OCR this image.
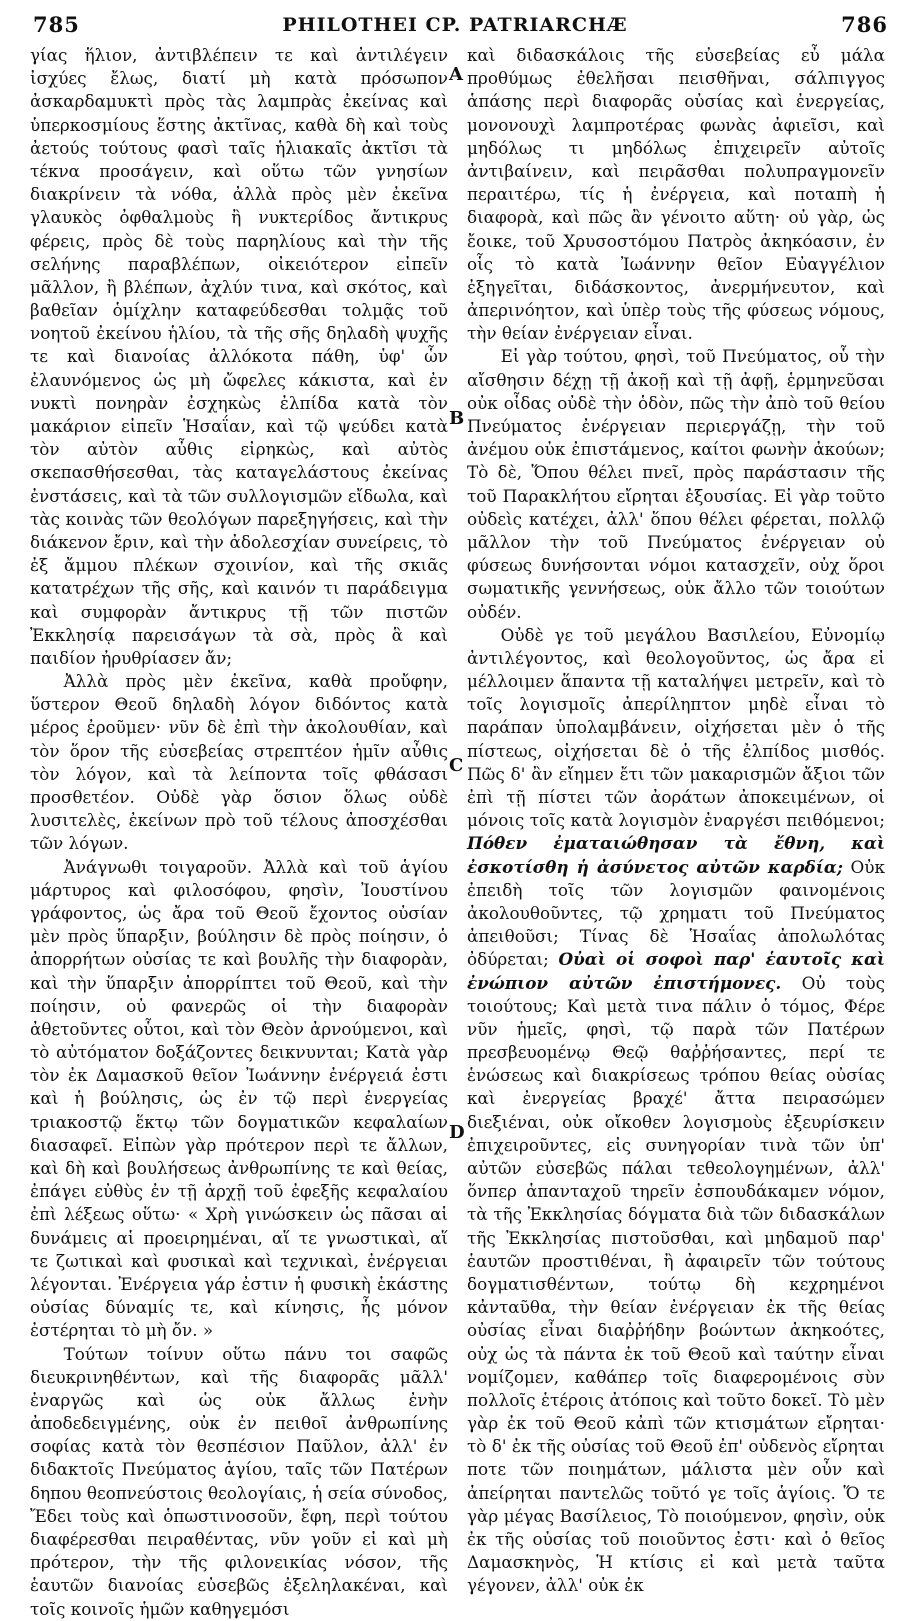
785	PHILOTHEI CP. PATRIARCHÆ	786
A
B
C
D

γίας ἥλιον, ἀντιβλέπειν τε καὶ ἀντιλέγειν ἰσχύες ἔλως, διατί μὴ κατὰ πρόσωπον ἀσκαρδαμυκτὶ πρὸς τὰς λαμπρὰς ἐκείνας καὶ ὑπερκοσμίους ἕστης ἀκτῖνας, καθὰ δὴ καὶ τοὺς ἀετούς τούτους φασὶ ταῖς ἡλιακαῖς ἀκτῖσι τὰ τέκνα προσάγειν, καὶ οὕτω τῶν γνησίων διακρίνειν τὰ νόθα, ἀλλὰ πρὸς μὲν ἐκεῖνα γλαυκὸς ὀφθαλμοὺς ἢ νυκτερίδος ἄντικρυς φέρεις, πρὸς δὲ τοὺς παρηλίους καὶ τὴν τῆς σελήνης παραβλέπων, οἰκειότερον εἰπεῖν μᾶλλον, ἢ βλέπων, ἀχλύν τινα, καὶ σκότος, καὶ βαθεῖαν ὁμίχλην καταφεύδεσθαι τολμᾷς τοῦ νοητοῦ ἐκείνου ἡλίου, τὰ τῆς σῆς δηλαδὴ ψυχῆς τε καὶ διανοίας ἀλλόκοτα πάθη, ὑφ' ὧν ἐλαυνόμενος ὡς μὴ ὤφελες κάκιστα, καὶ ἐν νυκτὶ πονηρὰν ἐσχηκὼς ἐλπίδα κατὰ τὸν μακάριον εἰπεῖν Ἡσαΐαν, καὶ τῷ ψεύδει κατὰ τὸν αὐτὸν αὖθις εἰρηκὼς, καὶ αὐτὸς σκεπασθήσεσθαι, τὰς καταγελάστους ἐκείνας ἐνστάσεις, καὶ τὰ τῶν συλλογισμῶν εἴδωλα, καὶ τὰς κοινὰς τῶν θεολόγων παρεξηγήσεις, καὶ τὴν διάκενον ἔριν, καὶ τὴν ἀδολεσχίαν συνείρεις, τὸ ἐξ ἄμμου πλέκων σχοινίον, καὶ τῆς σκιᾶς κατατρέχων τῆς σῆς, καὶ καινόν τι παράδειγμα καὶ συμφορὰν ἄντικρυς τῇ τῶν πιστῶν Ἐκκλησίᾳ παρεισάγων τὰ σὰ, πρὸς ἃ καὶ παιδίον ἠρυθρίασεν ἄν;

Ἀλλὰ πρὸς μὲν ἐκεῖνα, καθὰ προὔφην, ὕστερον Θεοῦ δηλαδὴ λόγον διδόντος κατὰ μέρος ἐροῦμεν· νῦν δὲ ἐπὶ τὴν ἀκολουθίαν, καὶ τὸν ὅρον τῆς εὐσεβείας στρεπτέον ἡμῖν αὖθις τὸν λόγον, καὶ τὰ λείποντα τοῖς φθάσασι προσθετέον. Οὐδὲ γὰρ ὅσιον ὅλως οὐδὲ λυσιτελὲς, ἐκείνων πρὸ τοῦ τέλους ἀποσχέσθαι τῶν λόγων.

Ἀνάγνωθι τοιγαροῦν. Ἀλλὰ καὶ τοῦ ἁγίου μάρτυρος καὶ φιλοσόφου, φησὶν, Ἰουστίνου γράφοντος, ὡς ἄρα τοῦ Θεοῦ ἔχοντος οὐσίαν μὲν πρὸς ὕπαρξιν, βούλησιν δὲ πρὸς ποίησιν, ὁ ἀπορρήτων οὐσίας τε καὶ βουλῆς τὴν διαφορὰν, καὶ τὴν ὕπαρξιν ἀπορρίπτει τοῦ Θεοῦ, καὶ τὴν ποίησιν, οὐ φανερῶς οἱ τὴν διαφορὰν ἀθετοῦντες οὗτοι, καὶ τὸν Θεὸν ἀρνούμενοι, καὶ τὸ αὐτόματον δοξάζοντες δεικνυνται; Κατὰ γὰρ τὸν ἐκ Δαμασκοῦ θεῖον Ἰωάννην ἐνέργειά ἐστι καὶ ἡ βούλησις, ὡς ἐν τῷ περὶ ἐνεργείας τριακοστῷ ἕκτῳ τῶν δογματικῶν κεφαλαίων διασαφεῖ. Εἰπὼν γὰρ πρότερον περὶ τε ἄλλων, καὶ δὴ καὶ βουλήσεως ἀνθρωπίνης τε καὶ θείας, ἐπάγει εὐθὺς ἐν τῇ ἀρχῇ τοῦ ἐφεξῆς κεφαλαίου ἐπὶ λέξεως οὕτω· « Χρὴ γινώσκειν ὡς πᾶσαι αἱ δυνάμεις αἱ προειρημέναι, αἵ τε γνωστικαὶ, αἵ τε ζωτικαὶ καὶ φυσικαὶ καὶ τεχνικαὶ, ἐνέργειαι λέγονται. Ἐνέργεια γάρ ἐστιν ἡ φυσικὴ ἑκάστης οὐσίας δύναμίς τε, καὶ κίνησις, ἧς μόνον ἐστέρηται τὸ μὴ ὄν. »

Τούτων τοίνυν οὕτω πάνυ τοι σαφῶς διευκρινηθέντων, καὶ τῆς διαφορᾶς μᾶλλ' ἐναργῶς καὶ ὡς οὐκ ἄλλως ἐνὴν ἀποδεδειγμένης, οὐκ ἐν πειθοῖ ἀνθρωπίνης σοφίας κατὰ τὸν θεσπέσιον Παῦλον, ἀλλ' ἐν διδακτοῖς Πνεύματος ἁγίου, ταῖς τῶν Πατέρων δηπου θεοπνεύστοις θεολογίαις, ἡ σεία σύνοδος, Ἔδει τοὺς καὶ ὁπωστινοσοῦν, ἔφη, περὶ τούτου διαφέρεσθαι πειραθέντας, νῦν γοῦν εἰ καὶ μὴ πρότερον, τὴν τῆς φιλονεικίας νόσον, τῆς ἑαυτῶν διανοίας εὐσεβῶς ἐξεληλακέναι, καὶ τοῖς κοινοῖς ἡμῶν καθηγεμόσι

καὶ διδασκάλοις τῆς εὐσεβείας εὖ μάλα προθύμως ἐθελῆσαι πεισθῆναι, σάλπιγγος ἁπάσης περὶ διαφορᾶς οὐσίας καὶ ἐνεργείας, μονονουχὶ λαμπροτέρας φωνὰς ἀφιεῖσι, καὶ μηδόλως τι μηδόλως ἐπιχειρεῖν αὐτοῖς ἀντιβαίνειν, καὶ πειρᾶσθαι πολυπραγμονεῖν περαιτέρω, τίς ἡ ἐνέργεια, καὶ ποταπὴ ἡ διαφορὰ, καὶ πῶς ἂν γένοιτο αὕτη· οὐ γὰρ, ὡς ἔοικε, τοῦ Χρυσοστόμου Πατρὸς ἀκηκόασιν, ἐν οἷς τὸ κατὰ Ἰωάννην θεῖον Εὐαγγέλιον ἐξηγεῖται, διδάσκοντος, ἀνερμήνευτον, καὶ ἀπερινόητον, καὶ ὑπὲρ τοὺς τῆς φύσεως νόμους, τὴν θείαν ἐνέργειαν εἶναι.

Εἰ γὰρ τούτου, φησὶ, τοῦ Πνεύματος, οὗ τὴν αἴσθησιν δέχῃ τῇ ἀκοῇ καὶ τῇ ἀφῇ, ἑρμηνεῦσαι οὐκ οἶδας οὐδὲ τὴν ὁδὸν, πῶς τὴν ἀπὸ τοῦ θείου Πνεύματος ἐνέργειαν περιεργάζῃ, τὴν τοῦ ἀνέμου οὐκ ἐπιστάμενος, καίτοι φωνὴν ἀκούων; Τὸ δὲ, Ὅπου θέλει πνεῖ, πρὸς παράστασιν τῆς τοῦ Παρακλήτου εἴρηται ἐξουσίας. Εἰ γὰρ τοῦτο οὐδεὶς κατέχει, ἀλλ' ὅπου θέλει φέρεται, πολλῷ μᾶλλον τὴν τοῦ Πνεύματος ἐνέργειαν οὐ φύσεως δυνήσονται νόμοι κατασχεῖν, οὐχ ὅροι σωματικῆς γεννήσεως, οὐκ ἄλλο τῶν τοιούτων οὐδέν.

Οὐδὲ γε τοῦ μεγάλου Βασιλείου, Εὐνομίῳ ἀντιλέγοντος, καὶ θεολογοῦντος, ὡς ἄρα εἰ μέλλοιμεν ἅπαντα τῇ καταλήψει μετρεῖν, καὶ τὸ τοῖς λογισμοῖς ἀπερίληπτον μηδὲ εἶναι τὸ παράπαν ὑπολαμβάνειν, οἰχήσεται μὲν ὁ τῆς πίστεως, οἰχήσεται δὲ ὁ τῆς ἐλπίδος μισθός. Πῶς δ' ἂν εἴημεν ἔτι τῶν μακαρισμῶν ἄξιοι τῶν ἐπὶ τῇ πίστει τῶν ἀοράτων ἀποκειμένων, οἱ μόνοις τοῖς κατὰ λογισμὸν ἐναργέσι πειθόμενοι; Πόθεν ἐματαιώθησαν τὰ ἔθνη, καὶ ἐσκοτίσθη ἡ ἀσύνετος αὐτῶν καρδία; Οὐκ ἐπειδὴ τοῖς τῶν λογισμῶν φαινομένοις ἀκολουθοῦντες, τῷ χρηματι τοῦ Πνεύματος ἀπειθοῦσι; Τίνας δὲ Ἡσαΐας ἀπολωλότας ὀδύρεται; Οὐαὶ οἱ σοφοὶ παρ' ἑαυτοῖς καὶ ἐνώπιον αὐτῶν ἐπιστήμονες. Οὐ τοὺς τοιούτους; Καὶ μετὰ τινα πάλιν ὁ τόμος, Φέρε νῦν ἡμεῖς, φησὶ, τῷ παρὰ τῶν Πατέρων πρεσβευομένῳ Θεῷ θαῤῥήσαντες, περί τε ἑνώσεως καὶ διακρίσεως τρόπου θείας οὐσίας καὶ ἐνεργείας βραχέ' ἄττα πειρασώμεν διεξιέναι, οὐκ οἴκοθεν λογισμοὺς ἐξευρίσκειν ἐπιχειροῦντες, εἰς συνηγορίαν τινὰ τῶν ὑπ' αὐτῶν εὐσεβῶς πάλαι τεθεολογημένων, ἀλλ' ὅνπερ ἁπανταχοῦ τηρεῖν ἐσπουδάκαμεν νόμον, τὰ τῆς Ἐκκλησίας δόγματα διὰ τῶν διδασκάλων τῆς Ἐκκλησίας πιστοῦσθαι, καὶ μηδαμοῦ παρ' ἑαυτῶν προστιθέναι, ἢ ἀφαιρεῖν τῶν τούτους δογματισθέντων, τούτῳ δὴ κεχρημένοι κἀνταῦθα, τὴν θείαν ἐνέργειαν ἐκ τῆς θείας οὐσίας εἶναι διαῤῥήδην βοώντων ἀκηκοότες, οὐχ ὡς τὰ πάντα ἐκ τοῦ Θεοῦ καὶ ταύτην εἶναι νομίζομεν, καθάπερ τοῖς διαφερομένοις σὺν πολλοῖς ἑτέροις ἀτόποις καὶ τοῦτο δοκεῖ. Τὸ μὲν γὰρ ἐκ τοῦ Θεοῦ κἀπὶ τῶν κτισμάτων εἴρηται· τὸ δ' ἐκ τῆς οὐσίας τοῦ Θεοῦ ἐπ' οὐδενὸς εἴρηται ποτε τῶν ποιημάτων, μάλιστα μὲν οὖν καὶ ἀπείρηται παντελῶς τοῦτό γε τοῖς ἁγίοις. Ὅ τε γὰρ μέγας Βασίλειος, Τὸ ποιούμενον, φησὶν, οὐκ ἐκ τῆς οὐσίας τοῦ ποιοῦντος ἐστι· καὶ ὁ θεῖος Δαμασκηνὸς, Ἡ κτίσις εἰ καὶ μετὰ ταῦτα γέγονεν, ἀλλ' οὐκ ἐκ
